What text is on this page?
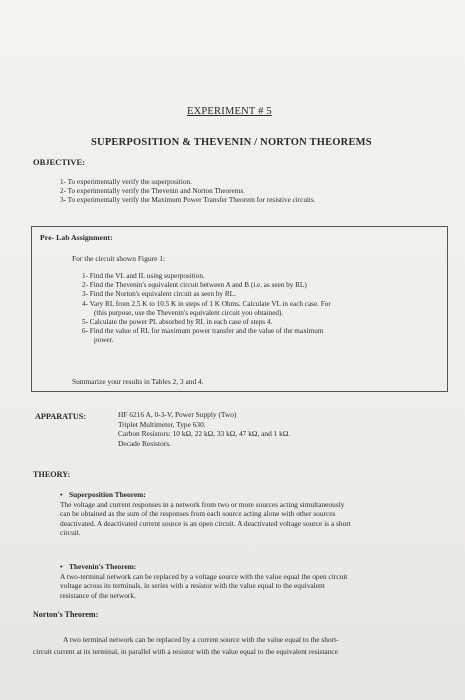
EXPERIMENT # 5
SUPERPOSITION & THEVENIN / NORTON THEOREMS
OBJECTIVE:
1- To experimentally verify the superposition.
2- To experimentally verify the Thevenin and Norton Theorems.
3- To experimentally verify the Maximum Power Transfer Theorem for resistive circuits.
Pre- Lab Assignment:
For the circuit shown Figure 1:
1- Find the VL and IL using superposition.
2- Find the Thevenin's equivalent circuit between A and B (i.e. as seen by RL)
3- Find the Norton's equivalent circuit as seen by RL.
4- Vary RL from 2.5 K to 10.5 K in steps of 1 K Ohms. Calculate VL in each case. For
(this purpose, use the Thevenin's equivalent circuit you obtained).
5- Calculate the power PL absorbed by RL in each case of steps 4.
6- Find the value of RL for maximum power transfer and the value of the maximum
power.
Summarize your results in Tables 2, 3 and 4.
APPARATUS:	HF 6216 A, 0-3-V, Power Supply (Two)
Triplet Multimeter, Type 630.
Carbon Resistors: 10 kΩ, 22 kΩ, 33 kΩ, 47 kΩ, and 1 kΩ.
Decade Resistors.
THEORY:
• Superposition Theorem:
The voltage and current responses in a network from two or more sources acting simultaneously
can be obtained as the sum of the responses from each source acting alone with other sources
deactivated. A deactivated current source is an open circuit. A deactivated voltage source is a short
circuit.
• Thevenin's Theorem:
A two-terminal network can be replaced by a voltage source with the value equal the open circuit
voltage across its terminals, in series with a resistor with the value equal to the equivalent
resistance of the network.
Norton's Theorem:
A two terminal network can be replaced by a current source with the value equal to the short-
circuit current at its terminal, in parallel with a resistor with the value equal to the equivalent resistance
